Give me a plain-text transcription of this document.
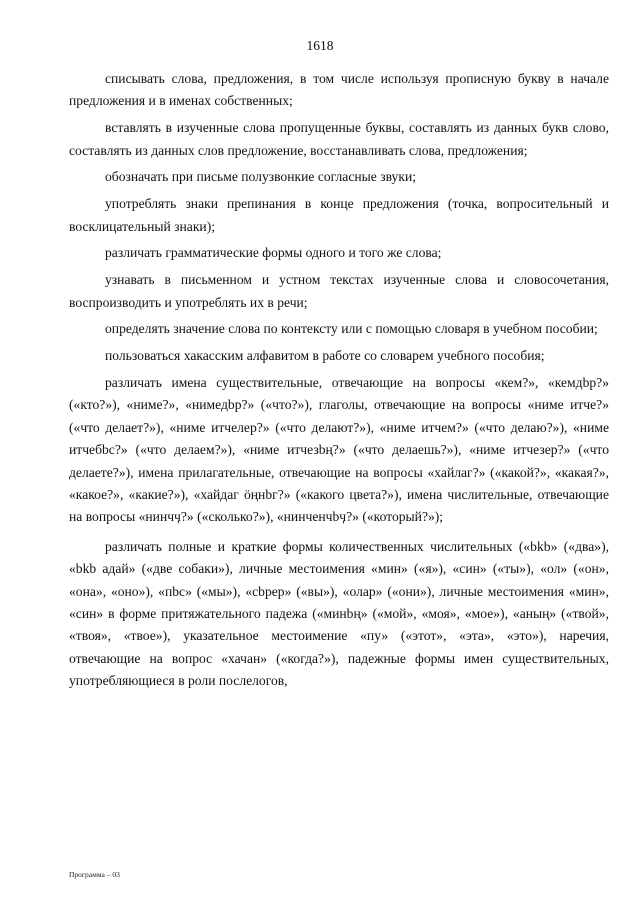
1618

списывать слова, предложения, в том числе используя прописную букву в начале предложения и в именах собственных;

вставлять в изученные слова пропущенные буквы, составлять из данных букв слово, составлять из данных слов предложение, восстанавливать слова, предложения;

обозначать при письме полузвонкие согласные звуки;

употреблять знаки препинания в конце предложения (точка, вопросительный и восклицательный знаки);

различать грамматические формы одного и того же слова;

узнавать в письменном и устном текстах изученные слова и словосочетания, воспроизводить и употреблять их в речи;

определять значение слова по контексту или с помощью словаря в учебном пособии;

пользоваться хакасским алфавитом в работе со словарем учебного пособия;

различать имена существительные, отвечающие на вопросы «кем?», «кемдbр?» («кто?»), «ниме?», «нимедbр?» («что?»), глаголы, отвечающие на вопросы «ниме итче?» («что делает?»), «ниме итчелер?» («что делают?»), «ниме итчем?» («что делаю?»), «ниме итчебbс?» («что делаем?»), «ниме итчезbң?» («что делаешь?»), «ниме итчезер?» («что делаете?»), имена прилагательные, отвечающие на вопросы «хайлаг?» («какой?», «какая?», «какое?», «какие?»), «хайдаг ӧңнbг?» («какого цвета?»), имена числительные, отвечающие на вопросы «нинчӌ?» («сколько?»), «нинченчbӌ?» («который?»);

различать полные и краткие формы количественных числительных («bkb» («два»), «bkb адай» («две собаки»), личные местоимения «мин» («я»), «син» («ты»), «ол» («он», «она», «оно»), «пbс» («мы»), «сbрер» («вы»), «олар» («они»), личные местоимения «мин», «син» в форме притяжательного падежа («минbң» («мой», «моя», «мое»), «аның» («твой», «твоя», «твое»), указательное местоимение «пу» («этот», «эта», «это»), наречия, отвечающие на вопрос «хачан» («когда?»), падежные формы имен существительных, употребляющиеся в роли послелогов,

Программа – 03
